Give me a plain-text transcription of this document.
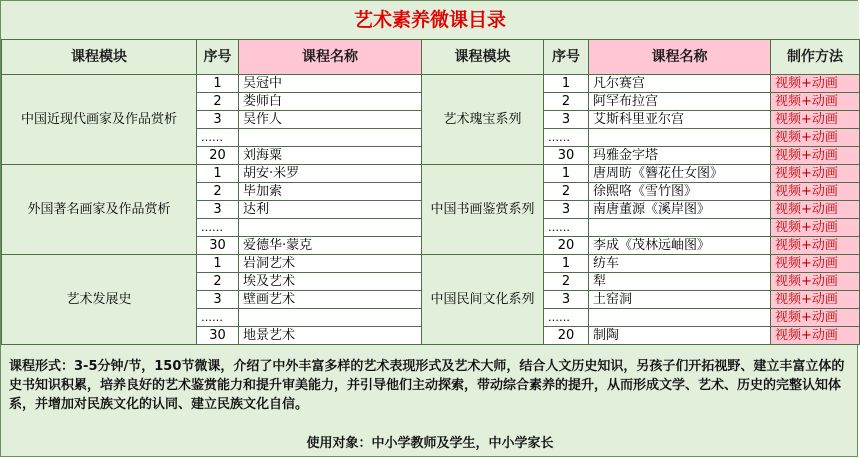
艺术素养微课目录
课程模块	序号	课程名称	课程模块	序号	课程名称	制作方法
中国近现代画家及作品赏析	1	吴冠中	艺术瑰宝系列	1	凡尔赛宫	视频+动画
	2	娄师白		2	阿罕布拉宫	视频+动画
	3	吴作人		3	艾斯科里亚尔宫	视频+动画
	……			……		视频+动画
	20	刘海粟		30	玛雅金字塔	视频+动画
外国著名画家及作品赏析	1	胡安·米罗	中国书画鉴赏系列	1	唐周昉《簪花仕女图》	视频+动画
	2	毕加索		2	徐熙咯《雪竹图》	视频+动画
	3	达利		3	南唐董源《溪岸图》	视频+动画
	……			……		视频+动画
	30	爱德华·蒙克		20	李成《茂林远岫图》	视频+动画
艺术发展史	1	岩洞艺术	中国民间文化系列	1	纺车	视频+动画
	2	埃及艺术		2	犁	视频+动画
	3	壁画艺术		3	土窑洞	视频+动画
	……			……		视频+动画
	30	地景艺术		20	制陶	视频+动画
课程形式：3-5分钟/节，150节微课，介绍了中外丰富多样的艺术表现形式及艺术大师，结合人文历史知识，另孩子们开拓视野、建立丰富立体的史书知识积累，培养良好的艺术鉴赏能力和提升审美能力，并引导他们主动探索，带动综合素养的提升，从而形成文学、艺术、历史的完整认知体系，并增加对民族文化的认同、建立民族文化自信。
使用对象：中小学教师及学生，中小学家长
